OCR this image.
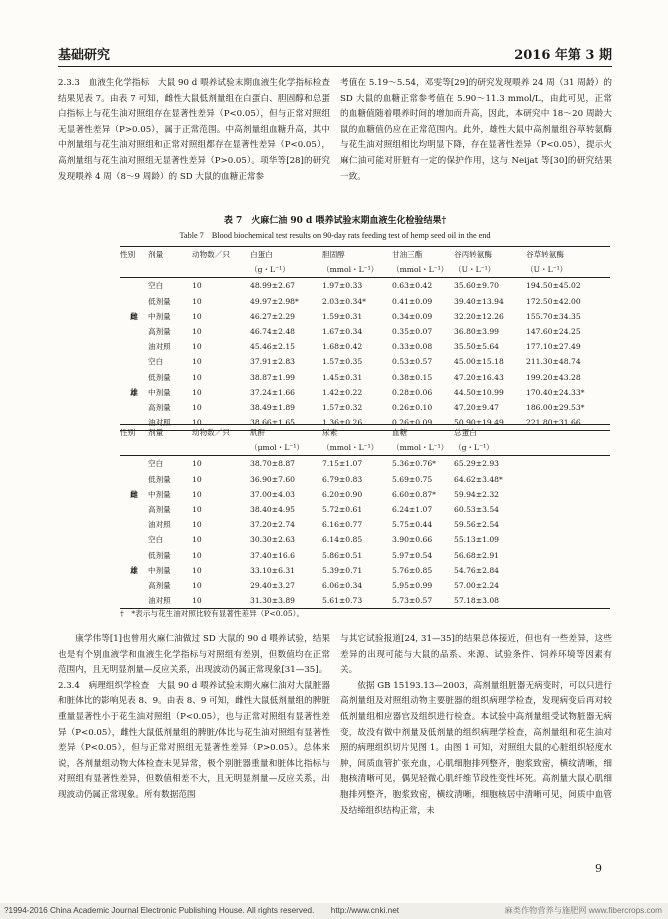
基础研究	2016 年第 3 期

2.3.3　血液生化学指标　大鼠 90 d 喂养试验末期血液生化学指标检查结果见表 7。由表 7 可知，雌性大鼠低剂量组在白蛋白、胆固醇和总蛋白指标上与花生油对照组存在显著性差异（P<0.05），但与正常对照组无显著性差异（P>0.05），属于正常范围。中高剂量组血糖升高，其中中剂量组与花生油对照组和正常对照组都存在显著性差异（P<0.05），高剂量组与花生油对照组无显著性差异（P>0.05）。项华等[28]的研究发现喂养 4 周（8～9 周龄）的 SD 大鼠的血糖正常参

考值在 5.19～5.54，邓雯等[29]的研究发现喂养 24 周（31 周龄）的 SD 大鼠的血糖正常参考值在 5.90～11.3 mmol/L，由此可见，正常的血糖值随着喂养时间的增加而升高，因此，本研究中 18～20 周龄大鼠的血糖值仍应在正常范围内。此外，雄性大鼠中高剂量组谷草转氨酶与花生油对照组相比均明显下降，存在显著性差异（P<0.05），提示火麻仁油可能对肝脏有一定的保护作用，这与 Neijat 等[30]的研究结果一致。

表 7　火麻仁油 90 d 喂养试验末期血液生化检验结果†
Table 7　Blood biochemical test results on 90-day rats feeding test of hemp seed oil in the end
性别	剂量	动物数／只	白蛋白	胆固醇	甘油三酯	谷丙转氨酶	谷草转氨酶
			（g・L⁻¹）	（mmol・L⁻¹）	（mmol・L⁻¹）	（U・L⁻¹）	（U・L⁻¹）
	空白	10	48.99±2.67	1.97±0.33	0.63±0.42	35.60±9.70	194.50±45.02
	低剂量	10	49.97±2.98*	2.03±0.34*	0.41±0.09	39.40±13.94	172.50±42.00
雌	中剂量	10	46.27±2.29	1.59±0.31	0.34±0.09	32.20±12.26	155.70±34.35
	高剂量	10	46.74±2.48	1.67±0.34	0.35±0.07	36.80±3.99	147.60±24.25
	油对照	10	45.46±2.15	1.68±0.42	0.33±0.08	35.50±5.64	177.10±27.49
	空白	10	37.91±2.83	1.57±0.35	0.53±0.57	45.00±15.18	211.30±48.74
	低剂量	10	38.87±1.99	1.45±0.31	0.38±0.15	47.20±16.43	199.20±43.28
雄	中剂量	10	37.24±1.66	1.42±0.22	0.28±0.06	44.50±10.99	170.40±24.33*
	高剂量	10	38.49±1.89	1.57±0.32	0.26±0.10	47.20±9.47	186.00±29.53*
	油对照	10	38.66±1.65	1.36±0.26	0.26±0.09	50.90±19.49	221.80±31.66
性别	剂量	动物数／只	肌酐	尿素	血糖	总蛋白	
			（μmol・L⁻¹）	（mmol・L⁻¹）	（mmol・L⁻¹）	（g・L⁻¹）	
	空白	10	38.70±8.87	7.15±1.07	5.36±0.76*	65.29±2.93	
	低剂量	10	36.90±7.60	6.79±0.83	5.69±0.75	64.62±3.48*	
雌	中剂量	10	37.00±4.03	6.20±0.90	6.60±0.87*	59.94±2.32	
	高剂量	10	38.40±4.95	5.72±0.61	6.24±1.07	60.53±3.54	
	油对照	10	37.20±2.74	6.16±0.77	5.75±0.44	59.56±2.54	
	空白	10	30.30±2.63	6.14±0.85	3.90±0.66	55.13±1.09	
	低剂量	10	37.40±16.6	5.86±0.51	5.97±0.54	56.68±2.91	
雄	中剂量	10	33.10±6.31	5.39±0.71	5.76±0.85	54.76±2.84	
	高剂量	10	29.40±3.27	6.06±0.34	5.95±0.99	57.00±2.24	
	油对照	10	31.30±3.89	5.61±0.73	5.73±0.57	57.18±3.08	
†　*表示与花生油对照比较有显著性差异（P<0.05）。

康学伟等[1]也曾用火麻仁油做过 SD 大鼠的 90 d 喂养试验，结果也是有个别血液学和血液生化学指标与对照组有差别，但数值均在正常范围内，且无明显剂量—反应关系，出现波动仍属正常现象[31—35]。

2.3.4　病理组织学检查　大鼠 90 d 喂养试验末期火麻仁油对大鼠脏器和脏体比的影响见表 8、9。由表 8、9 可知，雌性大鼠低剂量组的脾脏重量显著性小于花生油对照组（P<0.05），也与正常对照组有显著性差异（P<0.05），雌性大鼠低剂量组的脾脏/体比与花生油对照组有显著性差异（P<0.05），但与正常对照组无显著性差异（P>0.05）。总体来说，各剂量组动物大体检查未见异常，极个别脏器重量和脏体比指标与对照组有显著性差异，但数值相差不大，且无明显剂量—反应关系，出现波动仍属正常现象。所有数据范围

与其它试验报道[24, 31—35]的结果总体接近，但也有一些差异，这些差异的出现可能与大鼠的品系、来源、试验条件、饲养环境等因素有关。

依据 GB 15193.13—2003，高剂量组脏器无病变时，可以只进行高剂量组及对照组动物主要脏器的组织病理学检查，发现病变后再对较低剂量组相应器官及组织进行检查。本试验中高剂量组受试物脏器无病变，故没有做中剂量及低剂量的组织病理学检查，高剂量组和花生油对照的病理组织切片见图 1。由图 1 可知，对照组大鼠的心脏组织轻度水肿，间质血管扩张充血，心肌细胞排列整齐，胞浆致密，横纹清晰，细胞核清晰可见，偶见轻微心肌纤维节段性变性坏死。高剂量大鼠心肌细胞排列整齐，胞浆致密，横纹清晰，细胞核居中清晰可见，间质中血管及结缔组织结构正常，未

9
?1994-2016 China Academic Journal Electronic Publishing House. All rights reserved.　　http://www.cnki.net	麻类作物营养与施肥网 www.fibercrops.com
